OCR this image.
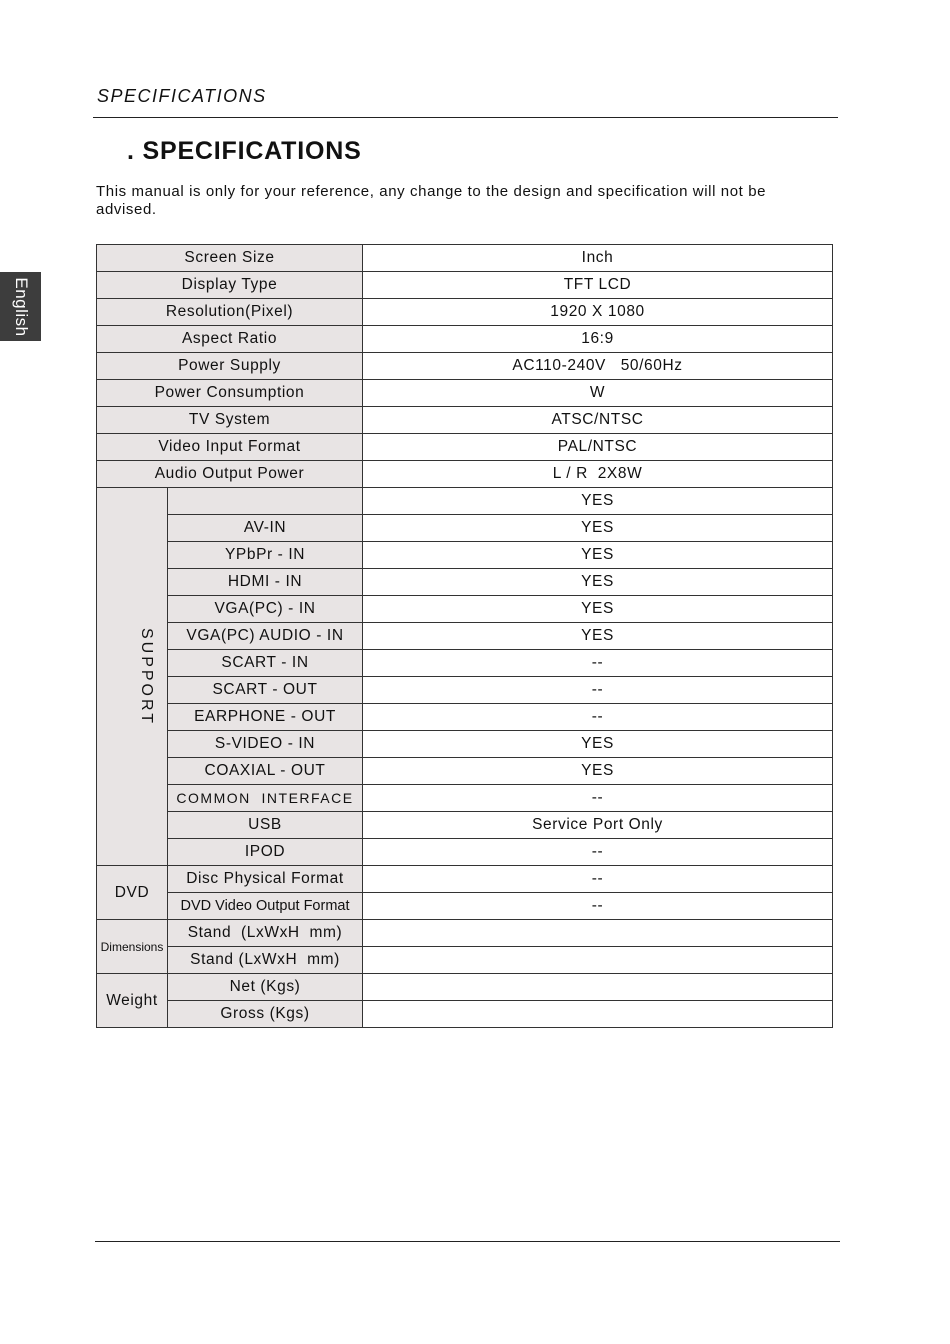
SPECIFICATIONS
English
. SPECIFICATIONS
This manual is only for your reference, any change to the design and specification will not be advised.
Screen Size		Inch
Display Type		TFT LCD
Resolution(Pixel)		1920 X 1080
Aspect Ratio		16:9
Power Supply		AC110-240V   50/60Hz
Power Consumption		W
TV System		ATSC/NTSC
Video Input Format		PAL/NTSC
Audio Output Power		L / R  2X8W
SUPPORT		YES
	AV-IN	YES
	YPbPr - IN	YES
	HDMI - IN	YES
	VGA(PC) - IN	YES
	VGA(PC) AUDIO - IN	YES
	SCART - IN	--
	SCART - OUT	--
	EARPHONE - OUT	--
	S-VIDEO - IN	YES
	COAXIAL - OUT	YES
	COMMON  INTERFACE	--
	USB	Service Port Only
	IPOD	--
DVD	Disc Physical Format	--
	DVD Video Output Format	--
Dimensions	Stand  (LxWxH  mm)	
	Stand (LxWxH  mm)	
Weight	Net (Kgs)	
	Gross (Kgs)	
